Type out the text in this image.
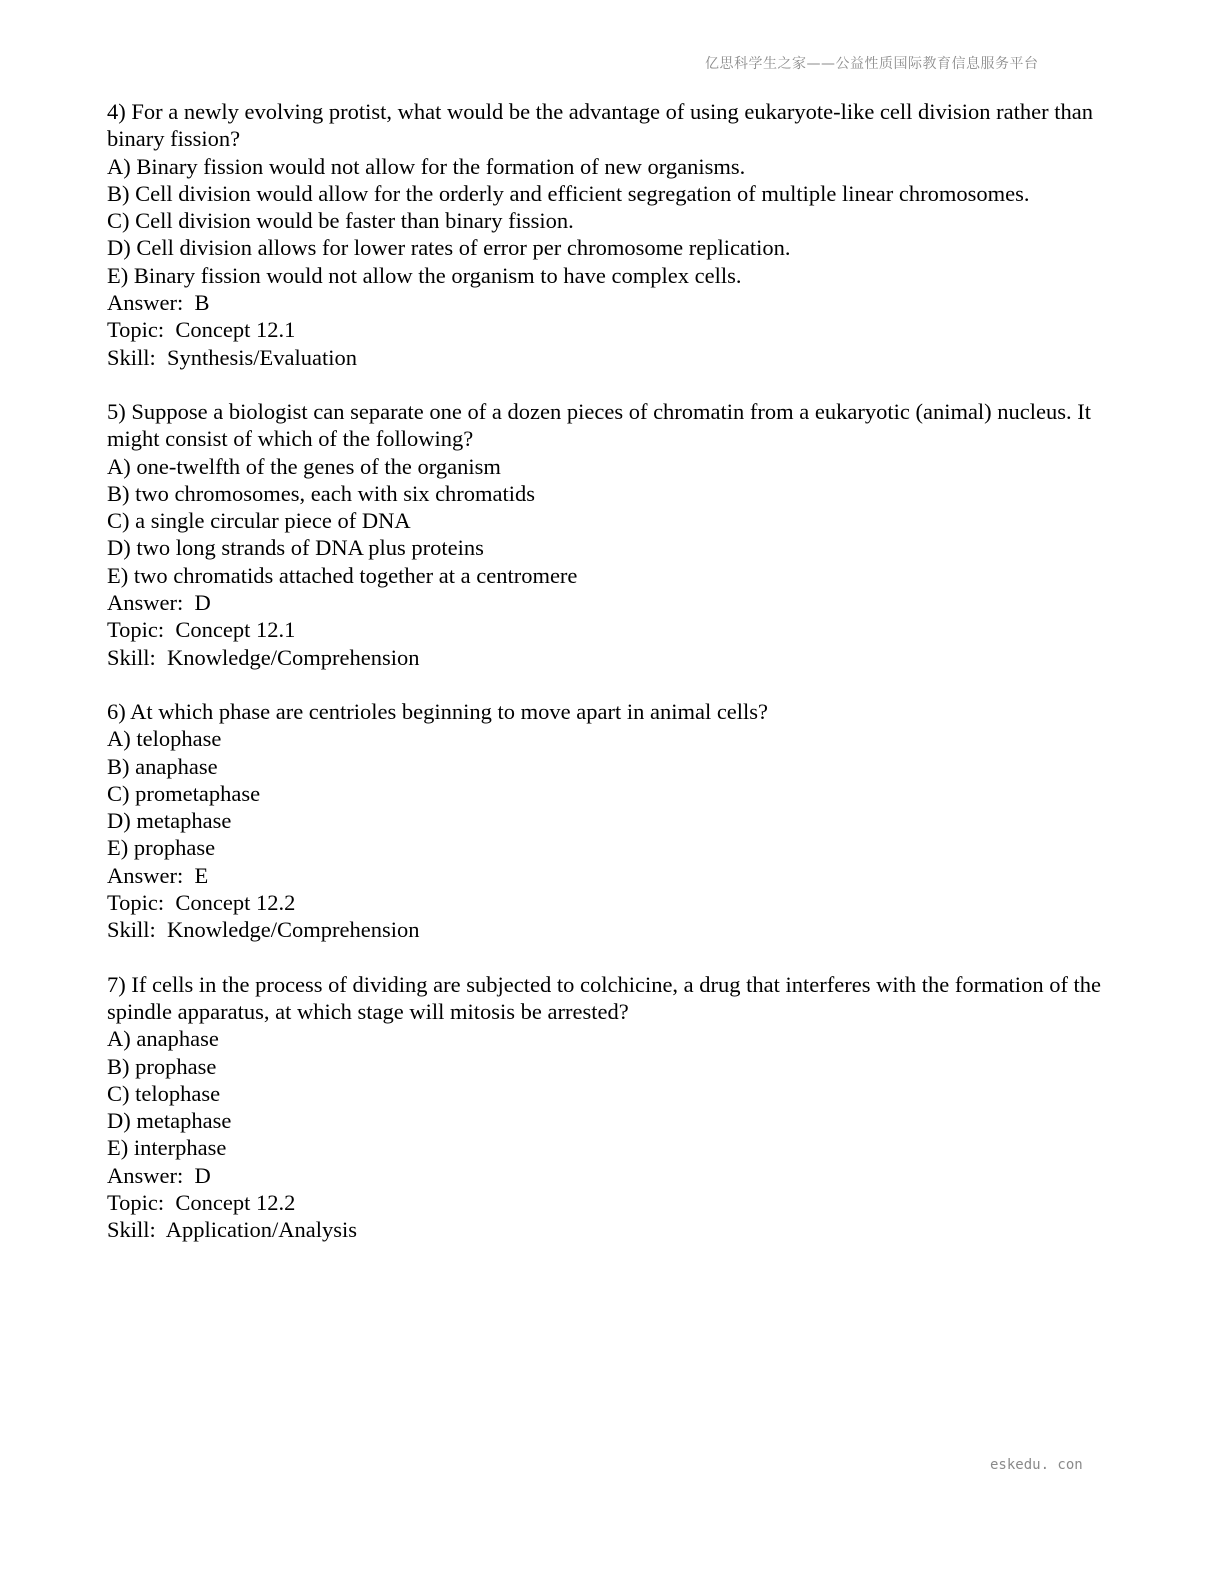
亿思科学生之家——公益性质国际教育信息服务平台
4) For a newly evolving protist, what would be the advantage of using eukaryote-like cell division rather than binary fission?
A) Binary fission would not allow for the formation of new organisms.
B) Cell division would allow for the orderly and efficient segregation of multiple linear chromosomes.
C) Cell division would be faster than binary fission.
D) Cell division allows for lower rates of error per chromosome replication.
E) Binary fission would not allow the organism to have complex cells.
Answer:  B
Topic:  Concept 12.1
Skill:  Synthesis/Evaluation
5) Suppose a biologist can separate one of a dozen pieces of chromatin from a eukaryotic (animal) nucleus. It might consist of which of the following?
A) one-twelfth of the genes of the organism
B) two chromosomes, each with six chromatids
C) a single circular piece of DNA
D) two long strands of DNA plus proteins
E) two chromatids attached together at a centromere
Answer:  D
Topic:  Concept 12.1
Skill:  Knowledge/Comprehension
6) At which phase are centrioles beginning to move apart in animal cells?
A) telophase
B) anaphase
C) prometaphase
D) metaphase
E) prophase
Answer:  E
Topic:  Concept 12.2
Skill:  Knowledge/Comprehension
7) If cells in the process of dividing are subjected to colchicine, a drug that interferes with the formation of the spindle apparatus, at which stage will mitosis be arrested?
A) anaphase
B) prophase
C) telophase
D) metaphase
E) interphase
Answer:  D
Topic:  Concept 12.2
Skill:  Application/Analysis
eskedu. con
